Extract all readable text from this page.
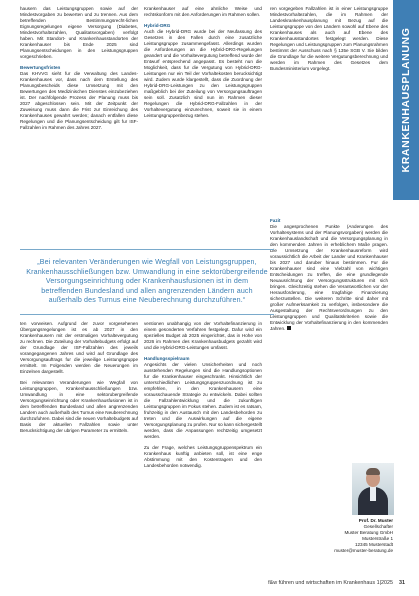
KRANKENHAUSPLANUNG

hausern das Leistungsgruppen sowie auf der Mindestvorgaben zu bewerten und zu trennen. Aus dem betreffenden Bestimmungsrecht-lichen Eignungsregelungen eigene Versorgung (Diabetes, Mindestvorhaltezahlen, Qualitatsvorgaben) verfolgt haben. Mit Standort- und Krankenhausstandorten der Krankenhauser bis Ende 2025 sind Planungsentscheidungen in den Leistungsgruppen vorgeschrieben.

Bewertungsfristen

Das KHVVG sieht fur die Verwaltung des Landes-Krankenhauses vor, dass nach dem Erstellung des Planungsbescheids diese Umsetzung mit den Bewertungen des Medizinischen Dienstes einzubeziehen ist. Der nachfolgende Prozess der Planung muss bis 2027 abgeschlossen sein. Mit der Zeitpunkt der Zuweisung muss dann die Frist zur Einreichung des Krankenhauses gewahrt werden; danach entfallen diese Regelungen und die Planungsentscheidung gilt fur ISF-Fallzahlen im Rahmen des Jahres 2027.

Krankenhauser auf eine ahnliche Weise und rechtskonform mit den Anforderungen im Rahmen sollen.

Hybrid-DRG

Auch die Hybrid-DRG wurde bei der Neufassung des Gesetzes in den Fallen durch eine zusatzliche Leistungsgruppe zusammengefasst. Allerdings wurden die Anforderungen an die Hybrid-DRG-Regelungen geandert und die Vorhaltevergutung betreffend wurde der Entwurf entsprechend angepasst. Es besteht nun die Moglichkeit, dass fur die Vergutung von Hybrid-DRG-Leistungen nur ein Teil der Vorhaltekosten berucksichtigt wird. Zudem wurde klargestellt, dass die Zuordnung der Hybrid-DRG-Leistungen zu den Leistungsgruppen maßgeblich bei der Zuteilung von Versorgungsauftragen sein soll. Zusatzlich sind nun im Rahmen dieser Regelungen die Hybrid-DRG-Fallzahlen in der Vorhaltevergutung einzurechnen, soweit sie in einem Leistungsgruppenbezug stehen.

ren vorgegeben Fallzahlen ist in einer Leistungsgruppe Mindestvorhaltezahlen, die im Rahmen der Landeskrankenhausplanung mit Bezug auf die Leistungsgruppe von den Ländern sowohl auf Ebene des Krankenhauses als auch auf Ebene des Krankenhausstandortes festgelegt werden. Diese Regelungen und Leistungsgruppen zum Planungsrahmen bestimmt der Ausschuss nach § 135e SGB V. Sie bilden die Grundlage fur die weitere Vergutungsberechnung und werden im Rahmen des Gesetzes dem Bundesministerium vorgelegt.

Fazit

Die angesprochenen Punkte (Anderungen des Vorhaltesystems und der Planungsvorgaben) werden die Krankenhauslandschaft und die Versorgungsplanung in den kommenden Jahren in erheblichem Maße pragen. Die Umsetzung der Krankenhausreform wird voraussichtlich die Arbeit der Lander und Krankenhauser bis 2027 und daruber hinaus bestimmen. Fur die Krankenhauser sind eine Vielzahl von wichtigen Entscheidungen zu treffen, die eine grundlegende Neuausrichtung der Versorgungsstrukturen mit sich bringen. Gleichzeitig stehen die Verantwortlichen vor der Herausforderung, eine tragfahige Finanzierung sicherzustellen. Die weiteren Schritte sind daher mit großer Aufmerksamkeit zu verfolgen, insbesondere die Ausgestaltung der Rechtsverordnungen zu den Leistungsgruppen und Qualitatskriterien sowie die Entwicklung der Vorhaltefinanzierung in den kommenden Jahren.

„Bei relevanten Veränderungen wie Wegfall von Leistungsgruppen, Krankenhausschließungen bzw. Umwandlung in eine sektorübergreifende Versorgungseinrichtung oder Krankenhausfusionen ist in dem betreffenden Bundesland und allen angrenzenden Ländern auch außerhalb des Turnus eine Neuberechnung durchzuführen.“

ten vorweisen. Aufgrund der zuvor vorgesehenen Übergangsregelungen ist es ab 2027 in den Krankenhausern mit der erstmaligen Vorhaltevergutung zu rechnen. Die Zuteilung der Vorhaltebudgets erfolgt auf der Grundlage der ISF-Fallzahlen des jeweils vorangegangenen Jahres und wird auf Grundlage des Versorgungsauftrags fur die jeweilige Leistungsgruppe ermittelt. Im Folgenden werden die Neuerungen im Einzelnen dargestellt.

Bei relevanten Veranderungen wie Wegfall von Leistungsgruppen, Krankenhausschließungen bzw. Umwandlung in eine sektorubergreifende Versorgungseinrichtung oder Krankenhausfusionen ist in dem betreffenden Bundesland und allen angrenzenden Landern auch außerhalb des Turnus eine Neuberechnung durchzufuhren. Dabei sind die neuen Vorhaltebudgets auf Basis der aktuellen Fallzahlen sowie unter Berucksichtigung der ubrigen Parameter zu ermitteln.

ventionen unabhangig von der Vorhaltefinanzierung in einem gesonderten Verfahren festgelegt. Dafur wird ein spezielles Budget ab 2025 eingerichtet, das in Hohe von 2026 im Rahmen des Krankenhausbudgets gezahlt wird und die Hybrid-DRG-Leistungen umfasst.

Handlungsspielraum

Angesichts der vielen Unsicherheiten und noch ausstehenden Regelungen sind die Handlungsoptionen fur die Krankenhauser eingeschrankt. Hinsichtlich der unterschiedlichen Leistungsgruppenzuordnung ist zu empfehlen, in den Krankenhausern eine vorausschauende Strategie zu entwickeln. Dabei sollten die Fallzahlentwicklung und die zukunftigen Leistungsgruppen im Fokus stehen. Zudem ist es ratsam, fruhzeitig in den Austausch mit den Landesbehorden zu treten und die Auswirkungen auf die eigene Versorgungsplanung zu prufen. Nur so kann sichergestellt werden, dass die Anpassungen rechtzeitig umgesetzt werden.

Zu der Frage, welches Leistungsgruppenspektrum ein Krankenhaus kunftig anbieten soll, ist eine enge Abstimmung mit den Kostentragern und den Landesbehorden notwendig.

Prof. Dr. Muster
Gesellschafter
Muster Beratung GmbH
Musterstraße 1
12345 Musterstadt
muster@muster-beratung.de
f&w führen und wirtschaften im Krankenhaus 1|2025 31
